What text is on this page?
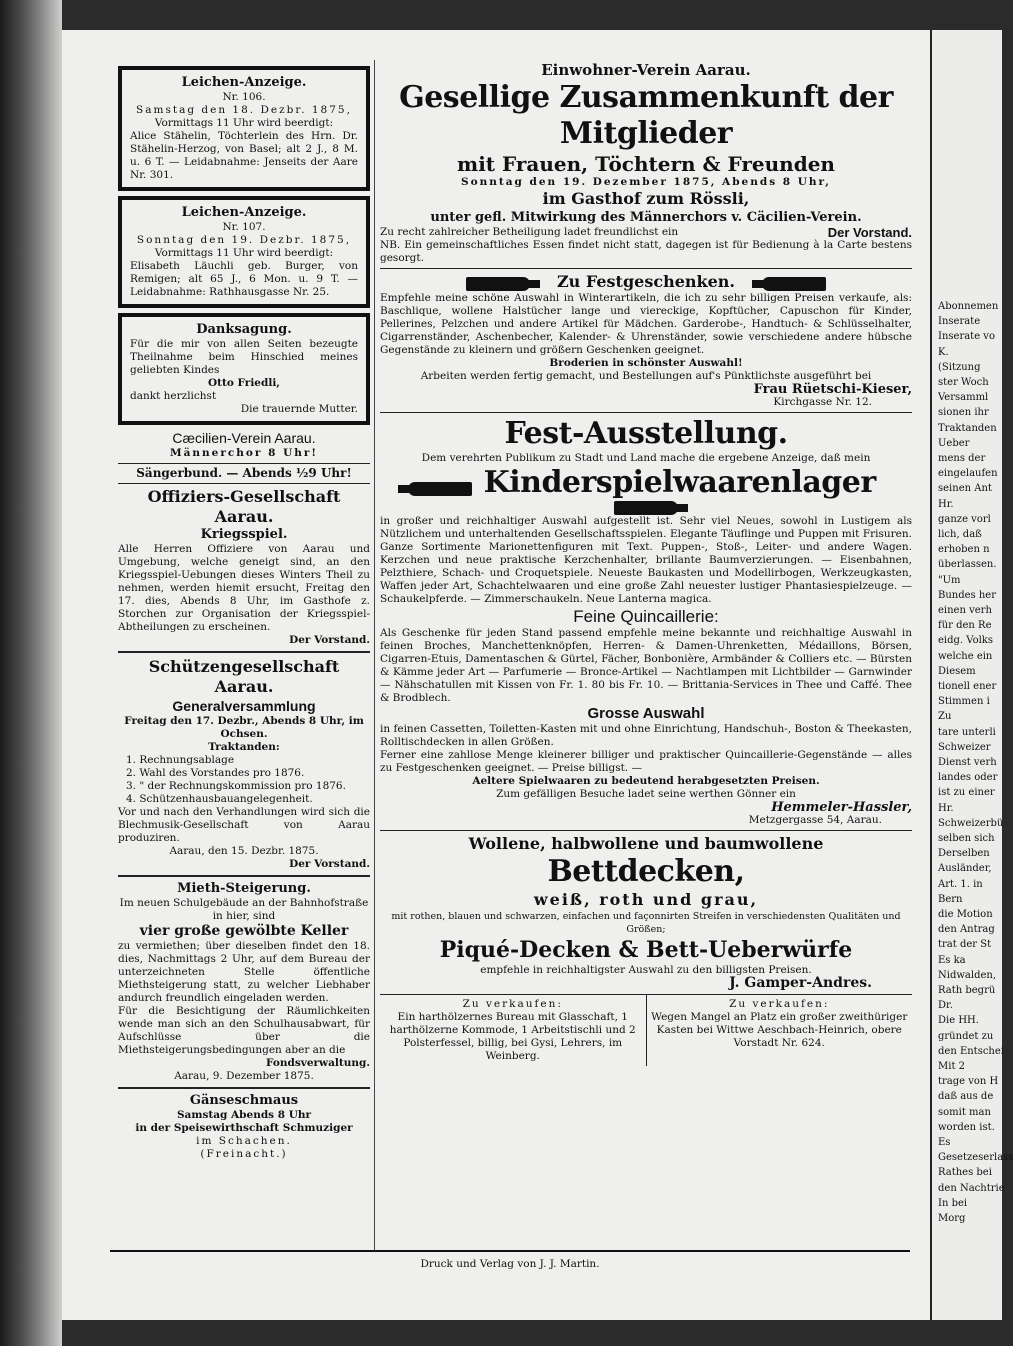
Leichen-Anzeige.
Nr. 106.
Samstag den 18. Dezbr. 1875,
Vormittags 11 Uhr wird beerdigt:
Alice Stähelin, Töchterlein des Hrn. Dr. Stähelin-Herzog, von Basel; alt 2 J., 8 M. u. 6 T. — Leidabnahme: Jenseits der Aare Nr. 301.
Leichen-Anzeige.
Nr. 107.
Sonntag den 19. Dezbr. 1875,
Vormittags 11 Uhr wird beerdigt:
Elisabeth Läuchli geb. Burger, von Remigen; alt 65 J., 6 Mon. u. 9 T. — Leidabnahme: Rathhausgasse Nr. 25.
Danksagung.
Für die mir von allen Seiten bezeugte Theilnahme beim Hinschied meines geliebten Kindes
Otto Friedli,
dankt herzlichst
Die trauernde Mutter.
Cæcilien-Verein Aarau.
Männerchor 8 Uhr!
Sängerbund. — Abends ½9 Uhr!
Offiziers-Gesellschaft Aarau.
Kriegsspiel.
Alle Herren Offiziere von Aarau und Umgebung, welche geneigt sind, an den Kriegsspiel-Uebungen dieses Winters Theil zu nehmen, werden hiemit ersucht, Freitag den 17. dies, Abends 8 Uhr, im Gasthofe z. Storchen zur Organisation der Kriegsspiel-Abtheilungen zu erscheinen.
Der Vorstand.
Schützengesellschaft Aarau.
Generalversammlung
Freitag den 17. Dezbr., Abends 8 Uhr, im Ochsen.
Traktanden:
1. Rechnungsablage
2. Wahl des Vorstandes pro 1876.
3. " der Rechnungskommission pro 1876.
4. Schützenhausbauangelegenheit.
Vor und nach den Verhandlungen wird sich die Blechmusik-Gesellschaft von Aarau produziren.
Aarau, den 15. Dezbr. 1875.
Der Vorstand.
Mieth-Steigerung.
Im neuen Schulgebäude an der Bahnhofstraße in hier, sind
vier große gewölbte Keller
zu vermiethen; über dieselben findet den 18. dies, Nachmittags 2 Uhr, auf dem Bureau der unterzeichneten Stelle öffentliche Miethsteigerung statt, zu welcher Liebhaber andurch freundlich eingeladen werden.
Für die Besichtigung der Räumlichkeiten wende man sich an den Schulhausabwart, für Aufschlüsse über die Miethsteigerungsbedingungen aber an die
Fondsverwaltung.
Aarau, 9. Dezember 1875.
Gänseschmaus
Samstag Abends 8 Uhr
in der Speisewirthschaft Schmuziger
im Schachen.
(Freinacht.)
Einwohner-Verein Aarau.
Gesellige Zusammenkunft der Mitglieder
mit Frauen, Töchtern & Freunden
Sonntag den 19. Dezember 1875, Abends 8 Uhr,
im Gasthof zum Rössli,
unter gefl. Mitwirkung des Männerchors v. Cäcilien-Verein.
Zu recht zahlreicher Betheiligung ladet freundlichst ein	Der Vorstand.
NB. Ein gemeinschaftliches Essen findet nicht statt, dagegen ist für Bedienung à la Carte bestens gesorgt.
Zu Festgeschenken.
Empfehle meine schöne Auswahl in Winterartikeln, die ich zu sehr billigen Preisen verkaufe, als: Baschlique, wollene Halstücher lange und viereckige, Kopftücher, Capuschon für Kinder, Pellerines, Pelzchen und andere Artikel für Mädchen. Garderobe-, Handtuch- & Schlüsselhalter, Cigarrenständer, Aschenbecher, Kalender- & Uhrenständer, sowie verschiedene andere hübsche Gegenstände zu kleinern und größern Geschenken geeignet.
Broderien in schönster Auswahl!
Arbeiten werden fertig gemacht, und Bestellungen auf's Pünktlichste ausgeführt bei
Frau Rüetschi-Kieser,
Kirchgasse Nr. 12.
Fest-Ausstellung.
Dem verehrten Publikum zu Stadt und Land mache die ergebene Anzeige, daß mein
Kinderspielwaarenlager
in großer und reichhaltiger Auswahl aufgestellt ist. Sehr viel Neues, sowohl in Lustigem als Nützlichem und unterhaltenden Gesellschaftsspielen. Elegante Täuflinge und Puppen mit Frisuren. Ganze Sortimente Marionettenfiguren mit Text. Puppen-, Stoß-, Leiter- und andere Wagen. Kerzchen und neue praktische Kerzchenhalter, brillante Baumverzierungen. — Eisenbahnen, Pelzthiere, Schach- und Croquetspiele. Neueste Baukasten und Modellirbogen, Werkzeugkasten, Waffen jeder Art, Schachtelwaaren und eine große Zahl neuester lustiger Phantasiespielzeuge. — Schaukelpferde. — Zimmerschaukeln. Neue Lanterna magica.
Feine Quincaillerie:
Als Geschenke für jeden Stand passend empfehle meine bekannte und reichhaltige Auswahl in feinen Broches, Manchettenknöpfen, Herren- & Damen-Uhrenketten, Médaillons, Börsen, Cigarren-Etuis, Damentaschen & Gürtel, Fächer, Bonbonière, Armbänder & Colliers etc. — Bürsten & Kämme jeder Art — Parfumerie — Bronce-Artikel — Nachtlampen mit Lichtbilder — Garnwinder — Nähschatullen mit Kissen von Fr. 1. 80 bis Fr. 10. — Brittania-Services in Thee und Caffé. Thee & Brodblech.
Grosse Auswahl
in feinen Cassetten, Toiletten-Kasten mit und ohne Einrichtung, Handschuh-, Boston & Theekasten, Rolltischdecken in allen Größen.
Ferner eine zahllose Menge kleinerer billiger und praktischer Quincaillerie-Gegenstände — alles zu Festgeschenken geeignet. — Preise billigst. —
Aeltere Spielwaaren zu bedeutend herabgesetzten Preisen.
Zum gefälligen Besuche ladet seine werthen Gönner ein
Hemmeler-Hassler,
Metzgergasse 54, Aarau.
Wollene, halbwollene und baumwollene
Bettdecken,
weiß, roth und grau,
mit rothen, blauen und schwarzen, einfachen und façonnirten Streifen in verschiedensten Qualitäten und Größen;
Piqué-Decken & Bett-Ueberwürfe
empfehle in reichhaltigster Auswahl zu den billigsten Preisen.
J. Gamper-Andres.
Zu verkaufen:
Ein harthölzernes Bureau mit Glasschaft, 1 harthölzerne Kommode, 1 Arbeitstischli und 2 Polsterfessel, billig, bei Gysi, Lehrers, im Weinberg.
Zu verkaufen:
Wegen Mangel an Platz ein großer zweithüriger Kasten bei Wittwe Aeschbach-Heinrich, obere Vorstadt Nr. 624.
Druck und Verlag von J. J. Martin.
Abonnemen
Inserate
Inserate vo
K.
(Sitzung
ster Woch
Versamml
sionen ihr
Traktanden
Ueber
mens der
eingelaufen
seinen Ant
Hr.
ganze vorl
lich, daß
erhoben n
überlassen.
"Um
Bundes her
einen verh
für den Re
eidg. Volks
welche ein
Diesem
tionell ener
Stimmen i
Zu
tare unterli
Schweizer
Dienst verh
landes oder
ist zu einer
Hr.
Schweizerbü
selben sich
Derselben
Ausländer,
Art. 1. in
Bern
die Motion
den Antrag
trat der St
Es ka
Nidwalden,
Rath begrü
Dr.
Die HH.
gründet zu
den Entschei
Mit 2
trage von H
daß aus de
somit man
worden ist.
Es
Gesetzeserlass
Rathes bei
den Nachtrie
In bei
Morg
